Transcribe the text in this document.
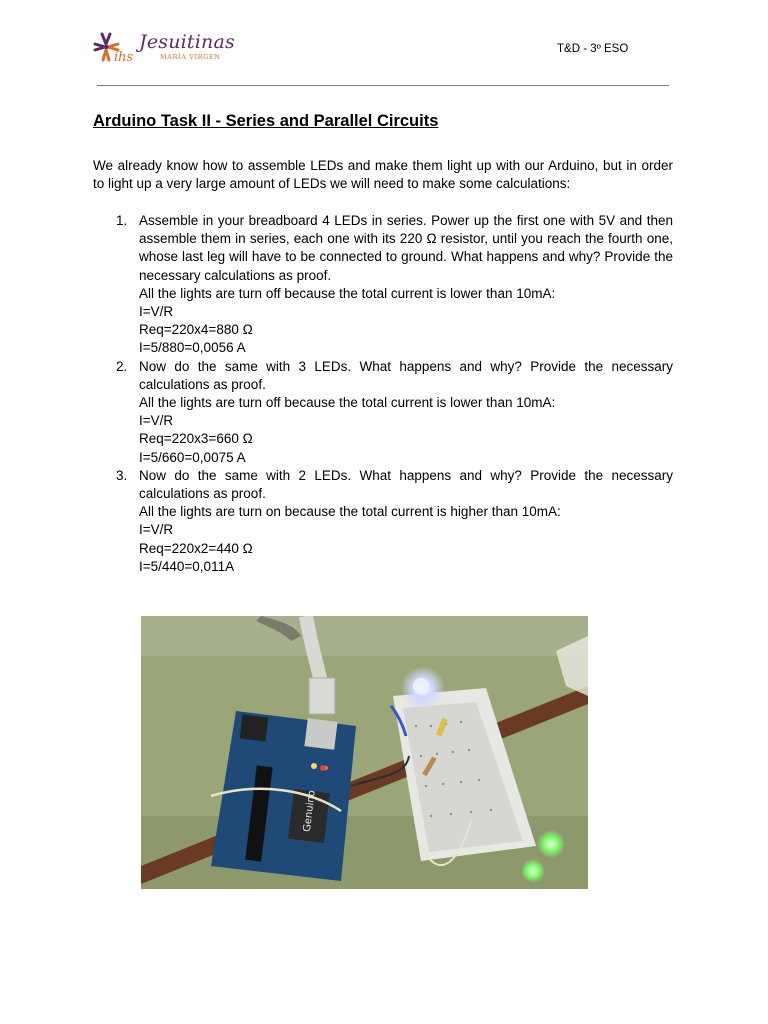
ihs
Jesuitinas
MARÍA VIRGEN
T&D - 3º ESO
Arduino Task II - Series and Parallel Circuits

We already know how to assemble LEDs and make them light up with our Arduino, but in order to light up a very large amount of LEDs we will need to make some calculations:

1. Assemble in your breadboard 4 LEDs in series. Power up the first one with 5V and then assemble them in series, each one with its 220 Ω resistor, until you reach the fourth one, whose last leg will have to be connected to ground. What happens and why? Provide the necessary calculations as proof.
All the lights are turn off because the total current is lower than 10mA:
I=V/R
Req=220x4=880 Ω
I=5/880=0,0056 A
2. Now do the same with 3 LEDs. What happens and why? Provide the necessary calculations as proof.
All the lights are turn off because the total current is lower than 10mA:
I=V/R
Req=220x3=660 Ω
I=5/660=0,0075 A
3. Now do the same with 2 LEDs. What happens and why? Provide the necessary calculations as proof.
All the lights are turn on because the total current is higher than 10mA:
I=V/R
Req=220x2=440 Ω
I=5/440=0,011A
Genuino
